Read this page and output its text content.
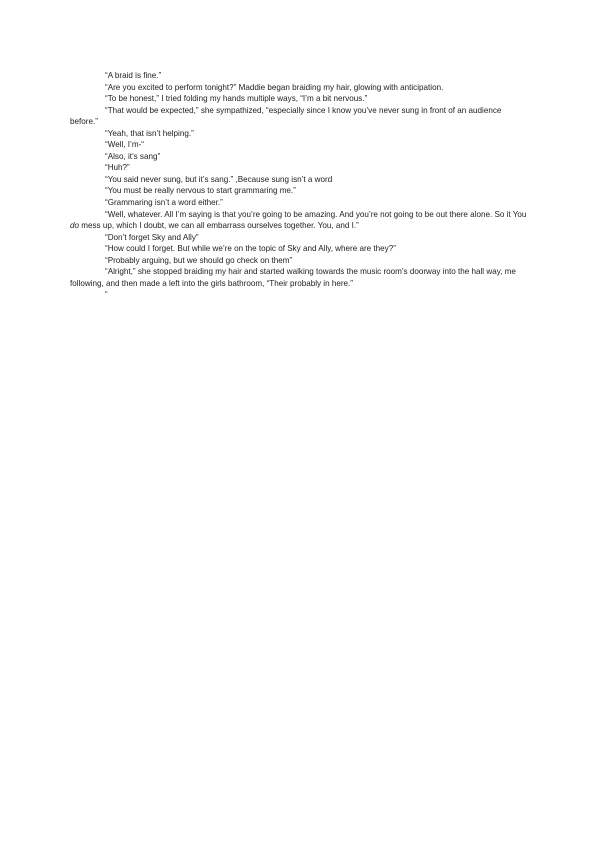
“A braid is fine.”

“Are you excited to perform tonight?” Maddie began braiding my hair, glowing with anticipation.

“To be honest,” I tried folding my hands multiple ways, “I’m a bit nervous.”

“That would be expected,” she sympathized, “especially since I know you’ve never sung in front of an audience before.”

“Yeah, that isn’t helping.”

“Well, I’m-“

“Also, it’s sang”

“Huh?”

“You said never sung, but it’s sang.” ,Because sung isn’t a word

“You must be really nervous to start grammaring me.”

“Grammaring isn’t a word either.”

“Well, whatever. All I’m saying is that you’re going to be amazing. And you’re not going to be out there alone. So it You do mess up, which I doubt, we can all embarrass ourselves together. You, and I.”

“Don’t forget Sky and Ally”

“How could I forget. But while we’re on the topic of Sky and Ally, where are they?”

“Probably arguing, but we should go check on them”

“Alright,” she stopped braiding my hair and started walking towards the music room’s doorway into the hall way, me following, and then made a left into the girls bathroom, “Their probably in here.”

“
